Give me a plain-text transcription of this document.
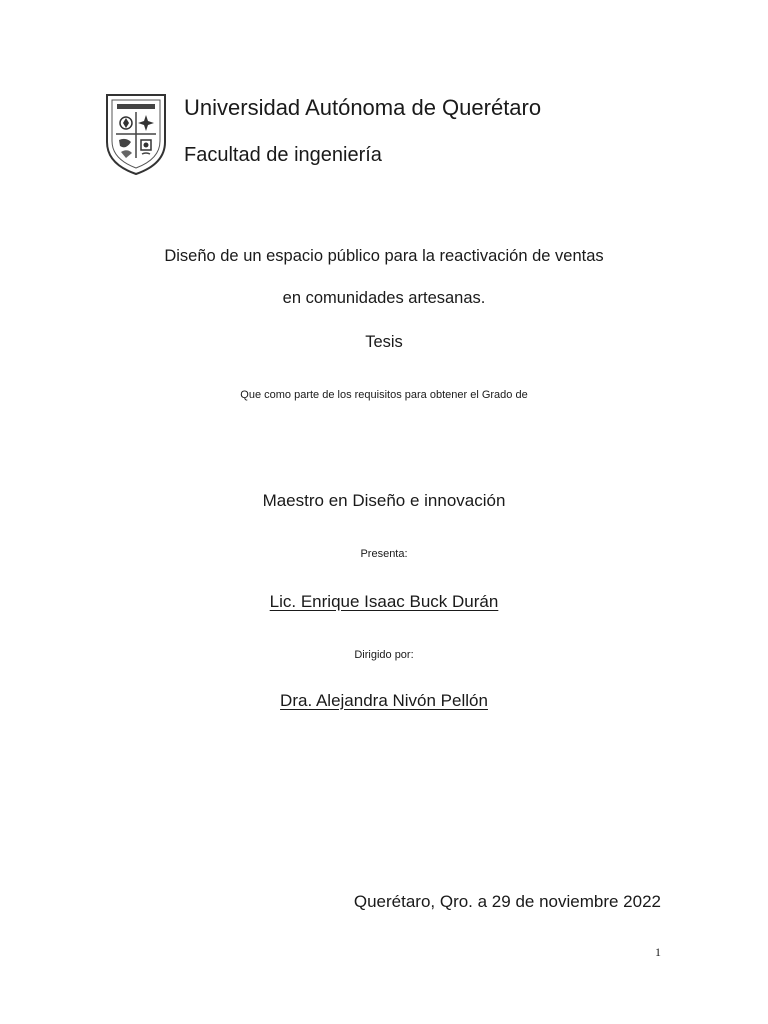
Universidad Autónoma de Querétaro
Facultad de ingeniería
Diseño de un espacio público para la reactivación de ventas
en comunidades artesanas.
Tesis
Que como parte de los requisitos para obtener el Grado de
Maestro en Diseño e innovación
Presenta:
Lic. Enrique Isaac Buck Durán
Dirigido por:
Dra. Alejandra Nivón Pellón
Querétaro, Qro. a 29 de noviembre 2022
1
